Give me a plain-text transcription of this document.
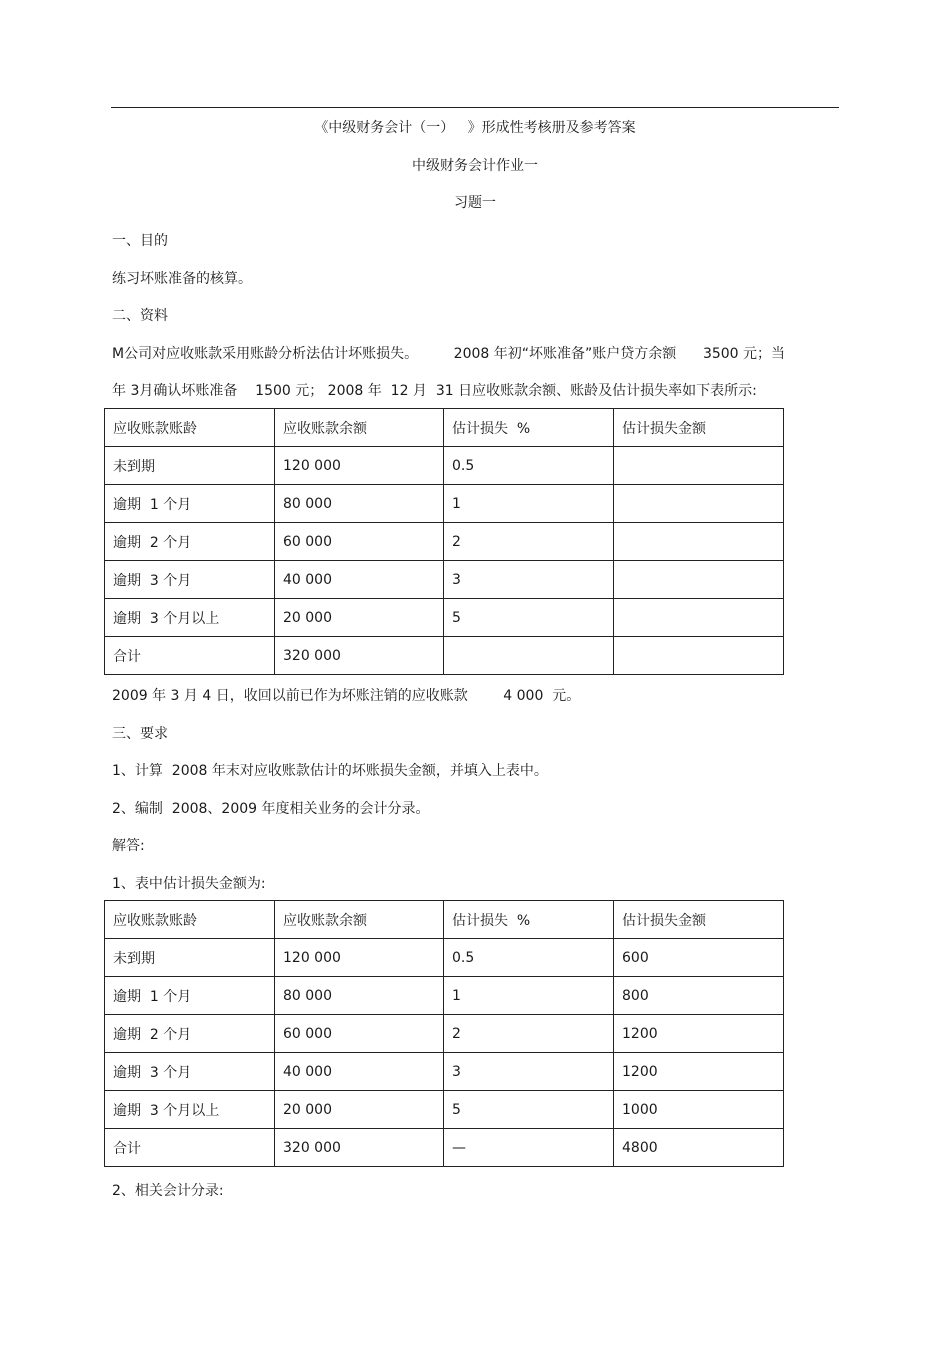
《中级财务会计（一）   》形成性考核册及参考答案
中级财务会计作业一
习题一
一、目的
练习坏账准备的核算。
二、资料
M公司对应收账款采用账龄分析法估计坏账损失。        2008 年初“坏账准备”账户贷方余额      3500 元；当
年 3月确认坏账准备    1500 元； 2008 年  12 月  31 日应收账款余额、账龄及估计损失率如下表所示:
应收账款账龄	应收账款余额	估计损失  %	估计损失金额
未到期	120 000	0.5	
逾期  1 个月	80 000	1	
逾期  2 个月	60 000	2	
逾期  3 个月	40 000	3	
逾期  3 个月以上	20 000	5	
合计	320 000		
2009 年 3 月 4 日，收回以前已作为坏账注销的应收账款        4 000  元。
三、要求
1、计算  2008 年末对应收账款估计的坏账损失金额，并填入上表中。
2、编制  2008、2009 年度相关业务的会计分录。
解答:
1、表中估计损失金额为:
应收账款账龄	应收账款余额	估计损失  %	估计损失金额
未到期	120 000	0.5	600
逾期  1 个月	80 000	1	800
逾期  2 个月	60 000	2	1200
逾期  3 个月	40 000	3	1200
逾期  3 个月以上	20 000	5	1000
合计	320 000	—	4800
2、相关会计分录:
